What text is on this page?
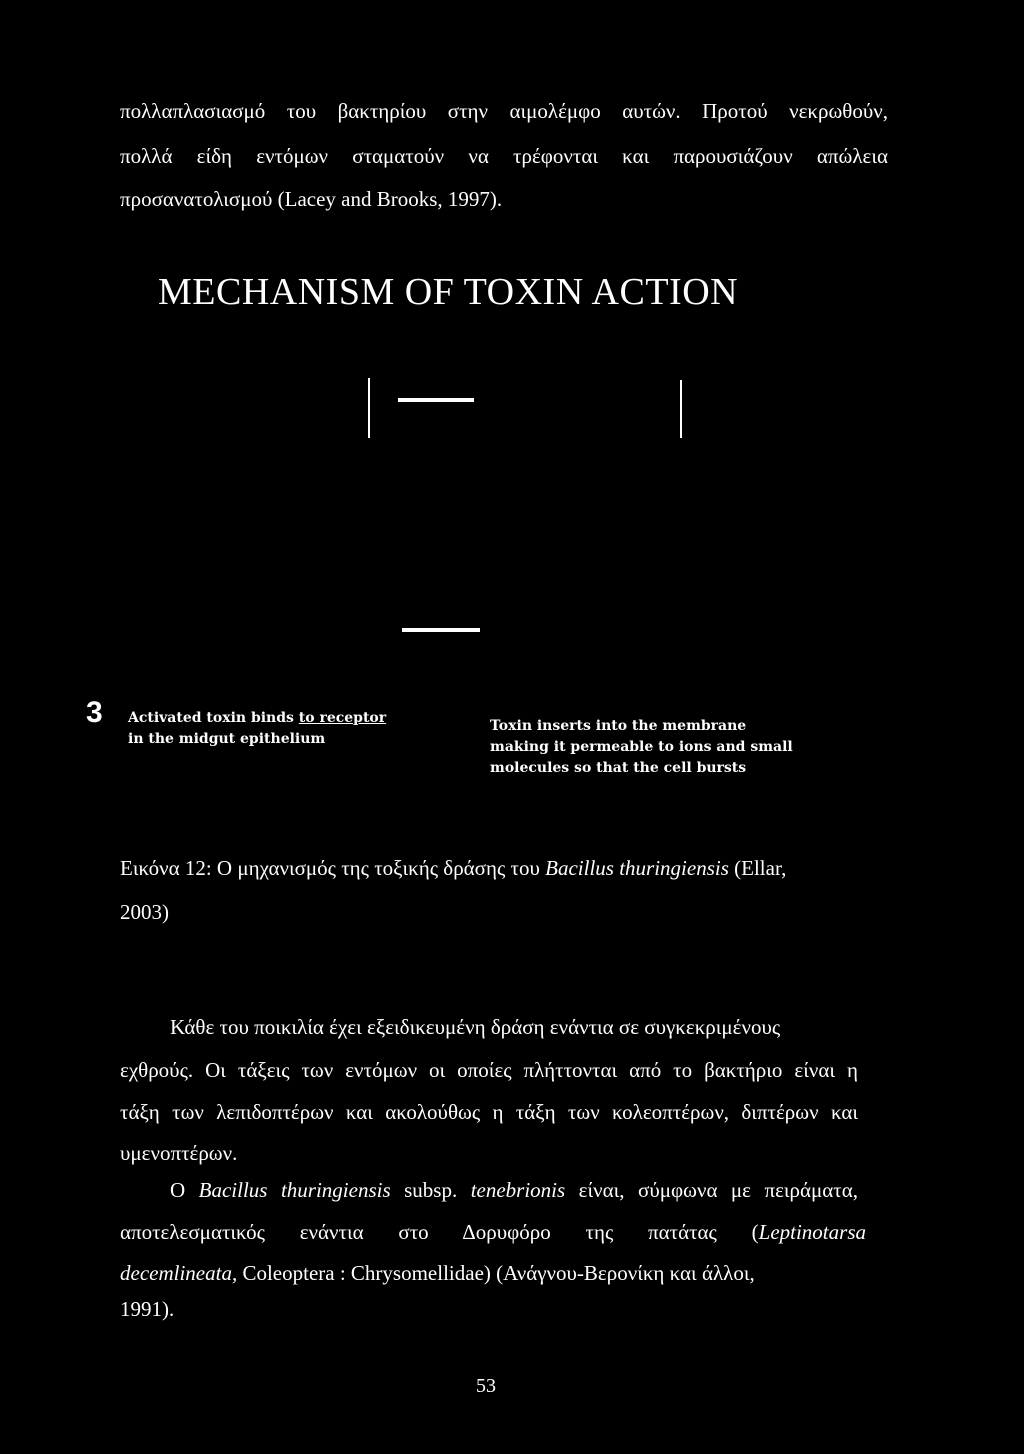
πολλαπλασιασμό του βακτηρίου στην αιμολέμφο αυτών. Προτού νεκρωθούν,
πολλά είδη εντόμων σταματούν να τρέφονται και παρουσιάζουν απώλεια
προσανατολισμού (Lacey and Brooks, 1997).
MECHANISM OF TOXIN ACTION
3 Activated toxin binds to receptor
in the midgut epithelium
Toxin inserts into the membrane
making it permeable to ions and small
molecules so that the cell bursts
Εικόνα 12: Ο μηχανισμός της τοξικής δράσης του Bacillus thuringiensis (Ellar,
2003)
Κάθε του ποικιλία έχει εξειδικευμένη δράση ενάντια σε συγκεκριμένους
εχθρούς. Οι τάξεις των εντόμων οι οποίες πλήττονται από το βακτήριο είναι η
τάξη των λεπιδοπτέρων και ακολούθως η τάξη των κολεοπτέρων, διπτέρων και
υμενοπτέρων.
Ο Bacillus thuringiensis subsp. tenebrionis είναι, σύμφωνα με πειράματα,
αποτελεσματικός ενάντια στο Δορυφόρο της πατάτας (Leptinotarsa
decemlineata, Coleoptera : Chrysomellidae) (Ανάγνου-Βερονίκη και άλλοι,
1991).
53
